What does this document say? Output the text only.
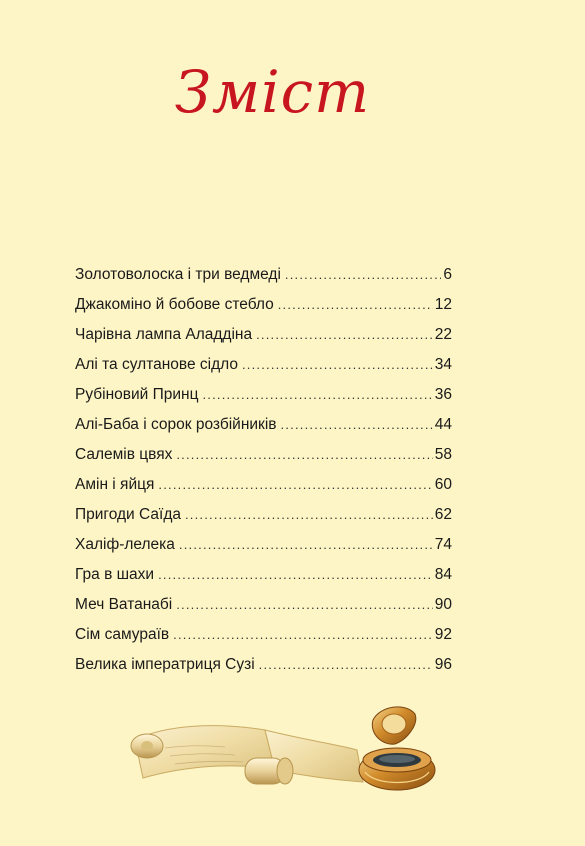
Зміст
Золотоволоска і три ведмеді .....	6
Джакоміно й бобове стебло .....	12
Чарівна лампа Аладдіна .....	22
Алі та султанове сідло .....	34
Рубіновий Принц .....	36
Алі-Баба і сорок розбійників .....	44
Салемів цвях .....	58
Амін і яйця .....	60
Пригоди Саїда .....	62
Халіф-лелека .....	74
Гра в шахи .....	84
Меч Ватанабі .....	90
Сім самураїв .....	92
Велика імператриця Сузі .....	96
